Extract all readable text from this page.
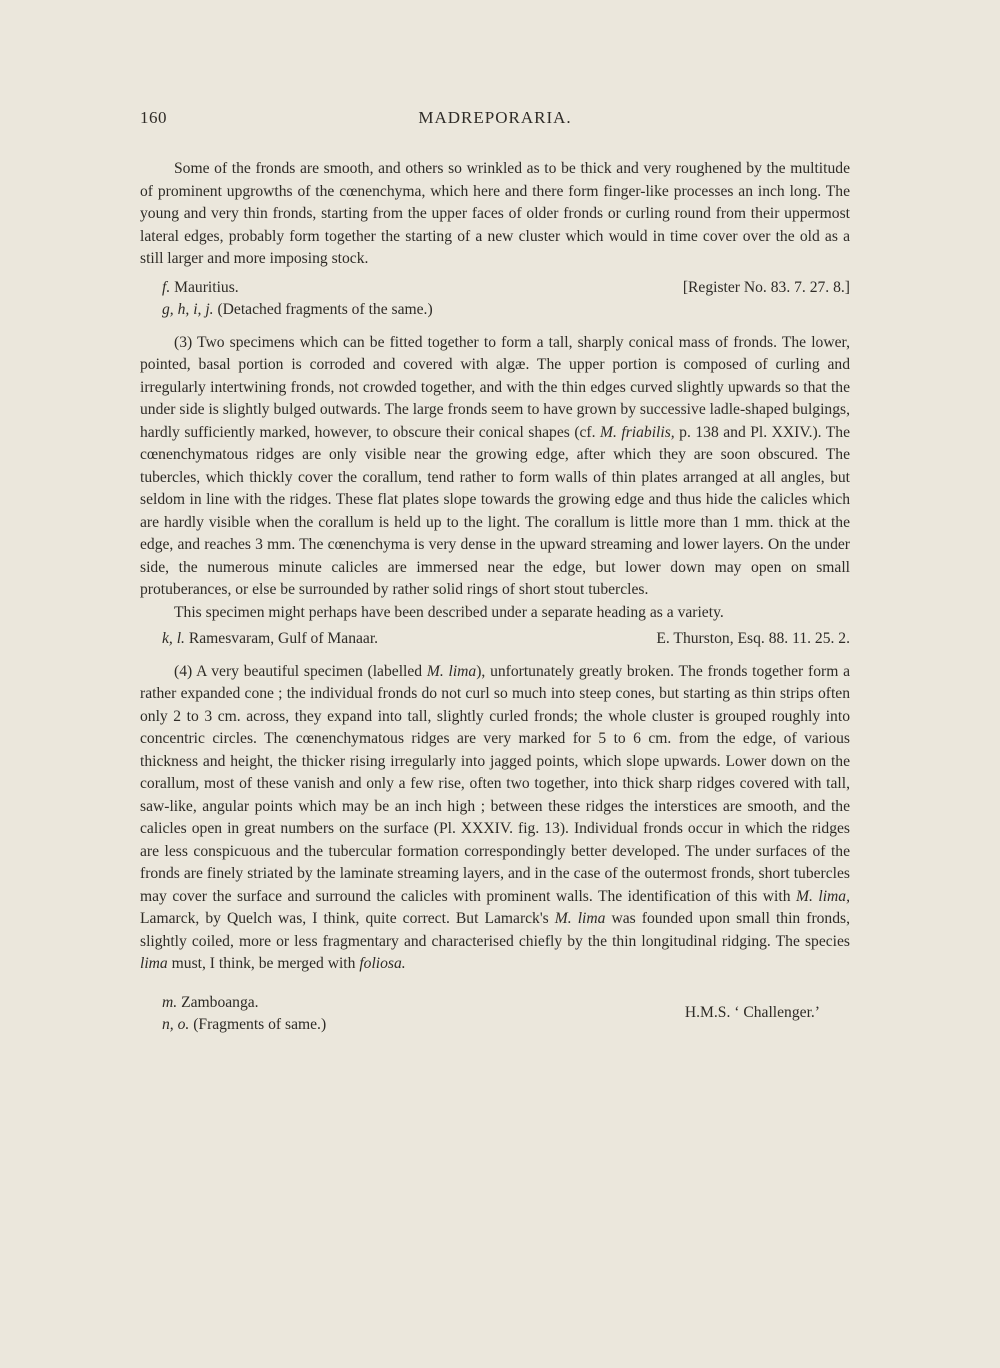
160	MADREPORARIA.

Some of the fronds are smooth, and others so wrinkled as to be thick and very roughened by the multitude of prominent upgrowths of the cœnenchyma, which here and there form finger-like processes an inch long. The young and very thin fronds, starting from the upper faces of older fronds or curling round from their uppermost lateral edges, probably form together the starting of a new cluster which would in time cover over the old as a still larger and more imposing stock.

f. Mauritius.	[Register No. 83. 7. 27. 8.]
g, h, i, j. (Detached fragments of the same.)

(3) Two specimens which can be fitted together to form a tall, sharply conical mass of fronds. The lower, pointed, basal portion is corroded and covered with algæ. The upper portion is composed of curling and irregularly intertwining fronds, not crowded together, and with the thin edges curved slightly upwards so that the under side is slightly bulged outwards. The large fronds seem to have grown by successive ladle-shaped bulgings, hardly sufficiently marked, however, to obscure their conical shapes (cf. M. friabilis, p. 138 and Pl. XXIV.). The cœnenchymatous ridges are only visible near the growing edge, after which they are soon obscured. The tubercles, which thickly cover the corallum, tend rather to form walls of thin plates arranged at all angles, but seldom in line with the ridges. These flat plates slope towards the growing edge and thus hide the calicles which are hardly visible when the corallum is held up to the light. The corallum is little more than 1 mm. thick at the edge, and reaches 3 mm. The cœnenchyma is very dense in the upward streaming and lower layers. On the under side, the numerous minute calicles are immersed near the edge, but lower down may open on small protuberances, or else be surrounded by rather solid rings of short stout tubercles.

This specimen might perhaps have been described under a separate heading as a variety.

k, l. Ramesvaram, Gulf of Manaar.	E. Thurston, Esq. 88. 11. 25. 2.

(4) A very beautiful specimen (labelled M. lima), unfortunately greatly broken. The fronds together form a rather expanded cone ; the individual fronds do not curl so much into steep cones, but starting as thin strips often only 2 to 3 cm. across, they expand into tall, slightly curled fronds; the whole cluster is grouped roughly into concentric circles. The cœnenchymatous ridges are very marked for 5 to 6 cm. from the edge, of various thickness and height, the thicker rising irregularly into jagged points, which slope upwards. Lower down on the corallum, most of these vanish and only a few rise, often two together, into thick sharp ridges covered with tall, saw-like, angular points which may be an inch high ; between these ridges the interstices are smooth, and the calicles open in great numbers on the surface (Pl. XXXIV. fig. 13). Individual fronds occur in which the ridges are less conspicuous and the tubercular formation correspondingly better developed. The under surfaces of the fronds are finely striated by the laminate streaming layers, and in the case of the outermost fronds, short tubercles may cover the surface and surround the calicles with prominent walls. The identification of this with M. lima, Lamarck, by Quelch was, I think, quite correct. But Lamarck's M. lima was founded upon small thin fronds, slightly coiled, more or less fragmentary and characterised chiefly by the thin longitudinal ridging. The species lima must, I think, be merged with foliosa.

m. Zamboanga.
n, o. (Fragments of same.)
H.M.S. ‘ Challenger.’
